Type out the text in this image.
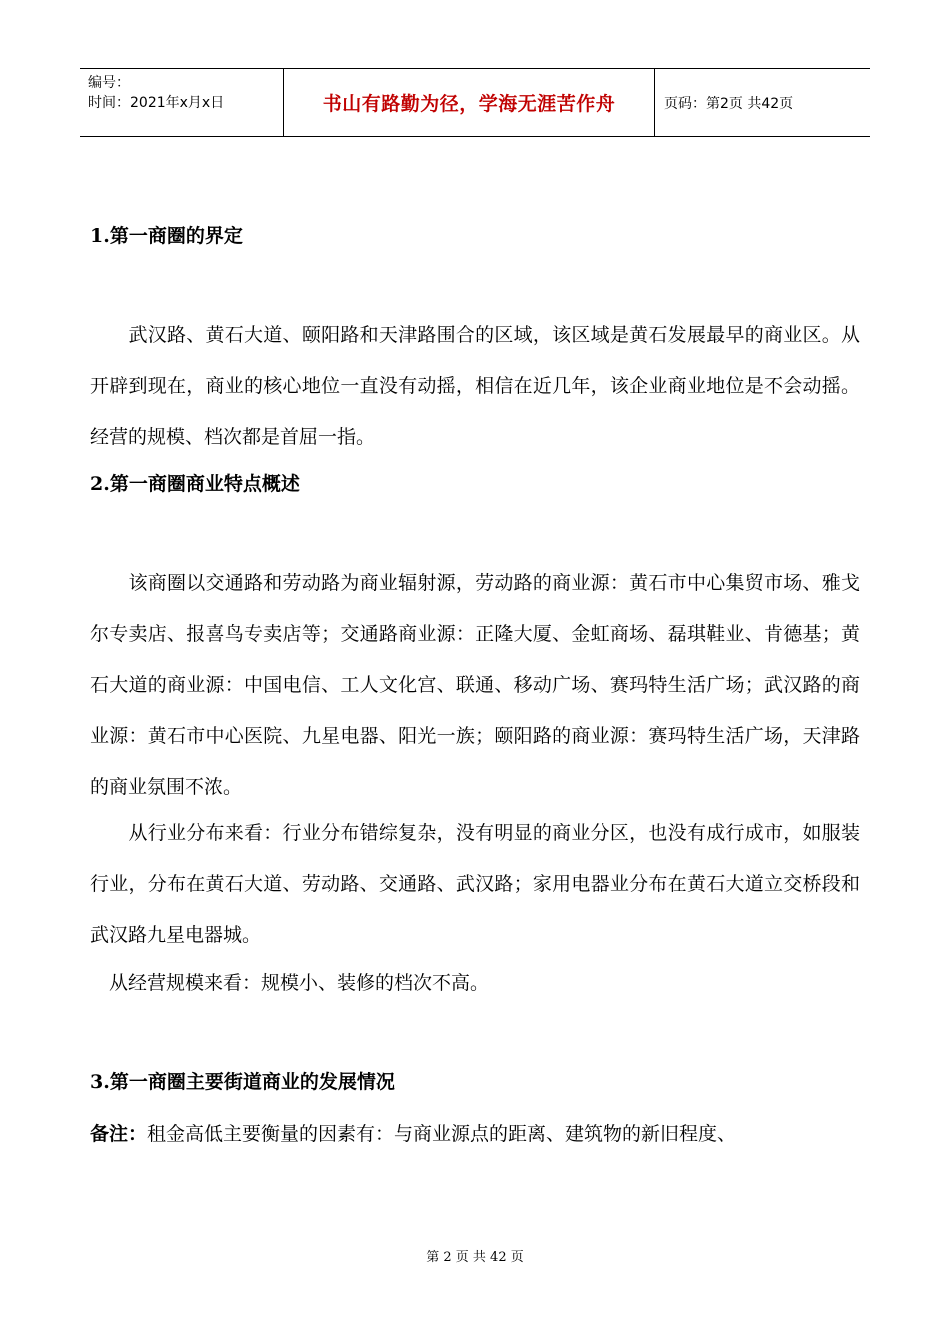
编号：
时间：2021年x月x日	书山有路勤为径，学海无涯苦作舟	页码：第2页 共42页
1.第一商圈的界定
　　武汉路、黄石大道、颐阳路和天津路围合的区域，该区域是黄石发展最早的商业区。从开辟到现在，商业的核心地位一直没有动摇，相信在近几年，该企业商业地位是不会动摇。经营的规模、档次都是首屈一指。
2.第一商圈商业特点概述
　　该商圈以交通路和劳动路为商业辐射源，劳动路的商业源：黄石市中心集贸市场、雅戈尔专卖店、报喜鸟专卖店等；交通路商业源：正隆大厦、金虹商场、磊琪鞋业、肯德基；黄石大道的商业源：中国电信、工人文化宫、联通、移动广场、赛玛特生活广场；武汉路的商业源：黄石市中心医院、九星电器、阳光一族；颐阳路的商业源：赛玛特生活广场，天津路的商业氛围不浓。
　　从行业分布来看：行业分布错综复杂，没有明显的商业分区，也没有成行成市，如服装行业，分布在黄石大道、劳动路、交通路、武汉路；家用电器业分布在黄石大道立交桥段和武汉路九星电器城。
　从经营规模来看：规模小、装修的档次不高。
3.第一商圈主要街道商业的发展情况
备注：租金高低主要衡量的因素有：与商业源点的距离、建筑物的新旧程度、
第 2 页 共 42 页
